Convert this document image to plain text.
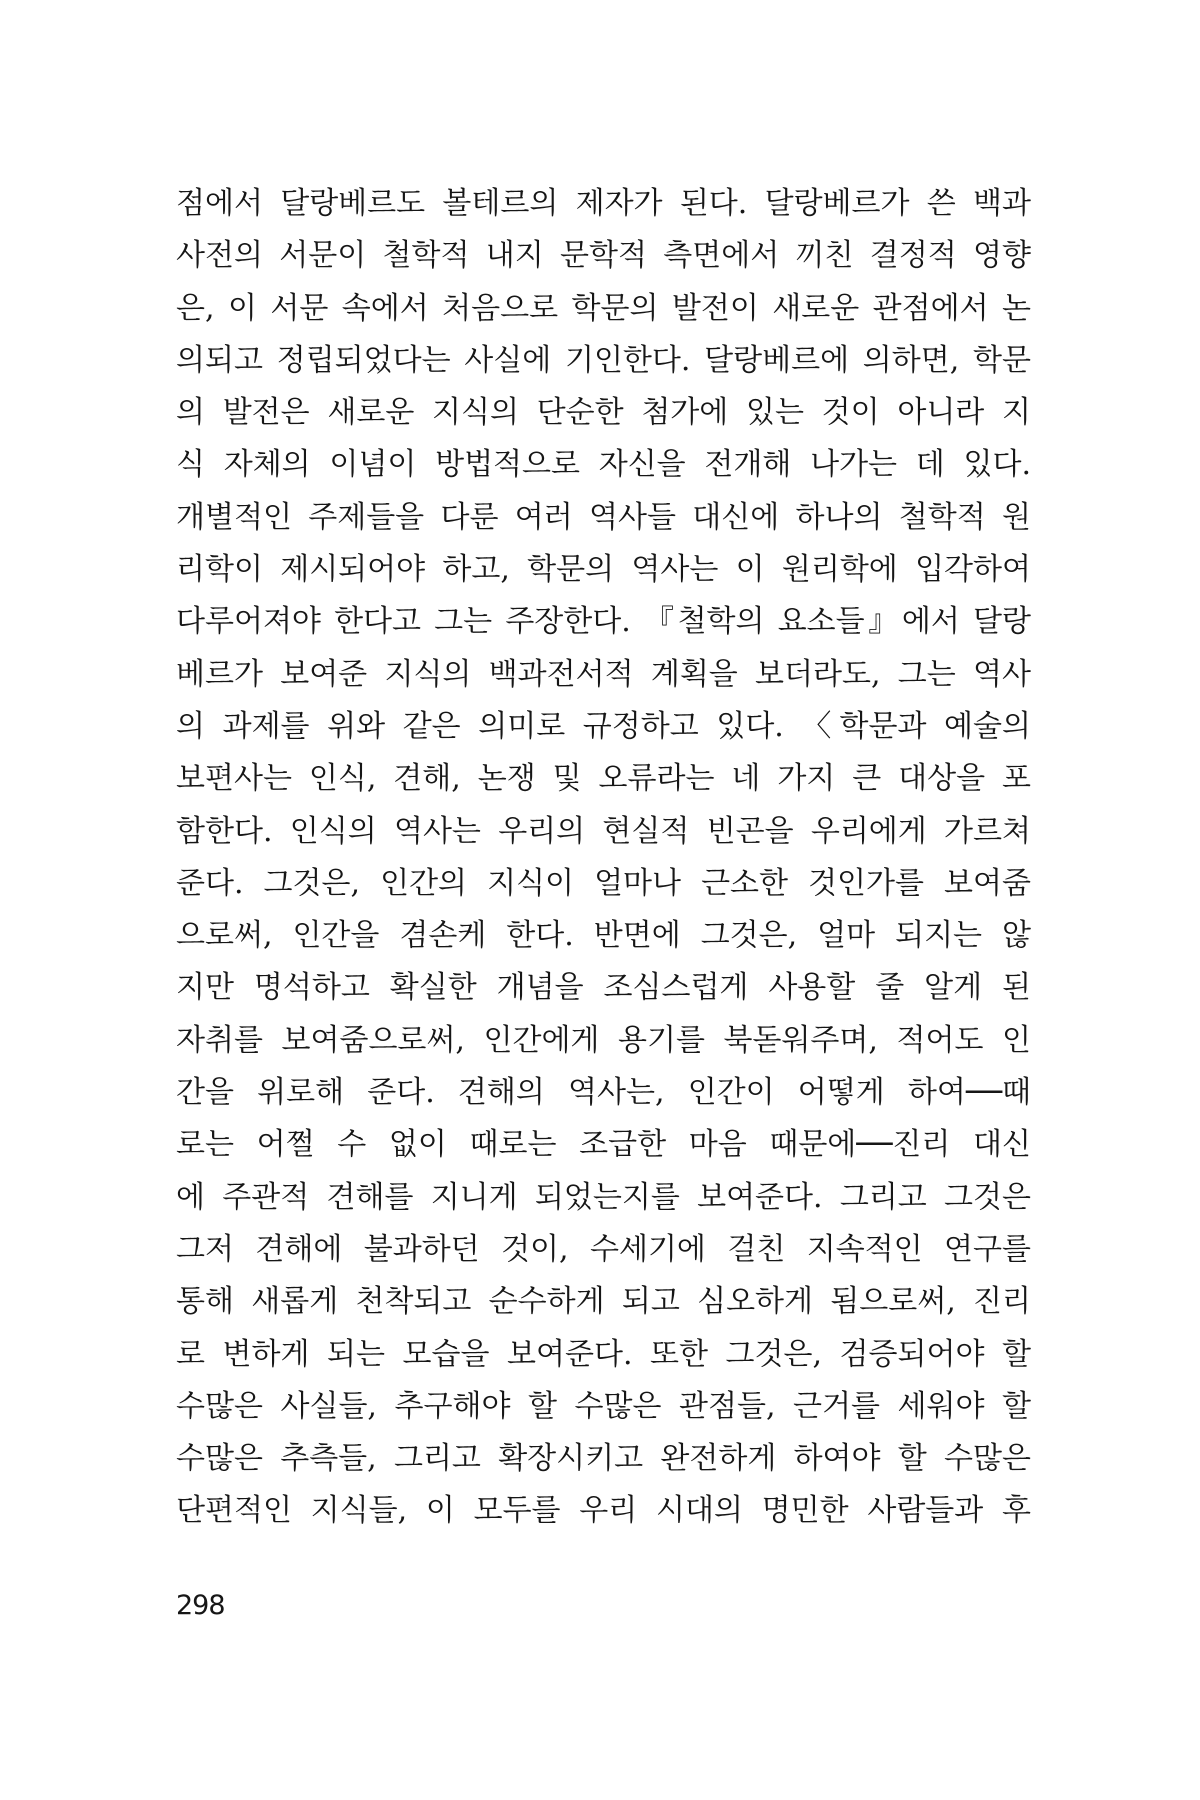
점에서 달랑베르도 볼테르의 제자가 된다. 달랑베르가 쓴 백과
사전의 서문이 철학적 내지 문학적 측면에서 끼친 결정적 영향
은, 이 서문 속에서 처음으로 학문의 발전이 새로운 관점에서 논
의되고 정립되었다는 사실에 기인한다. 달랑베르에 의하면, 학문
의 발전은 새로운 지식의 단순한 첨가에 있는 것이 아니라 지
식 자체의 이념이 방법적으로 자신을 전개해 나가는 데 있다.
개별적인 주제들을 다룬 여러 역사들 대신에 하나의 철학적 원
리학이 제시되어야 하고, 학문의 역사는 이 원리학에 입각하여
다루어져야 한다고 그는 주장한다. 『철학의 요소들』에서 달랑
베르가 보여준 지식의 백과전서적 계획을 보더라도, 그는 역사
의 과제를 위와 같은 의미로 규정하고 있다. 〈학문과 예술의
보편사는 인식, 견해, 논쟁 및 오류라는 네 가지 큰 대상을 포
함한다. 인식의 역사는 우리의 현실적 빈곤을 우리에게 가르쳐
준다. 그것은, 인간의 지식이 얼마나 근소한 것인가를 보여줌
으로써, 인간을 겸손케 한다. 반면에 그것은, 얼마 되지는 않
지만 명석하고 확실한 개념을 조심스럽게 사용할 줄 알게 된
자취를 보여줌으로써, 인간에게 용기를 북돋워주며, 적어도 인
간을 위로해 준다. 견해의 역사는, 인간이 어떻게 하여──때
로는 어쩔 수 없이 때로는 조급한 마음 때문에──진리 대신
에 주관적 견해를 지니게 되었는지를 보여준다. 그리고 그것은
그저 견해에 불과하던 것이, 수세기에 걸친 지속적인 연구를
통해 새롭게 천착되고 순수하게 되고 심오하게 됨으로써, 진리
로 변하게 되는 모습을 보여준다. 또한 그것은, 검증되어야 할
수많은 사실들, 추구해야 할 수많은 관점들, 근거를 세워야 할
수많은 추측들, 그리고 확장시키고 완전하게 하여야 할 수많은
단편적인 지식들, 이 모두를 우리 시대의 명민한 사람들과 후
298
